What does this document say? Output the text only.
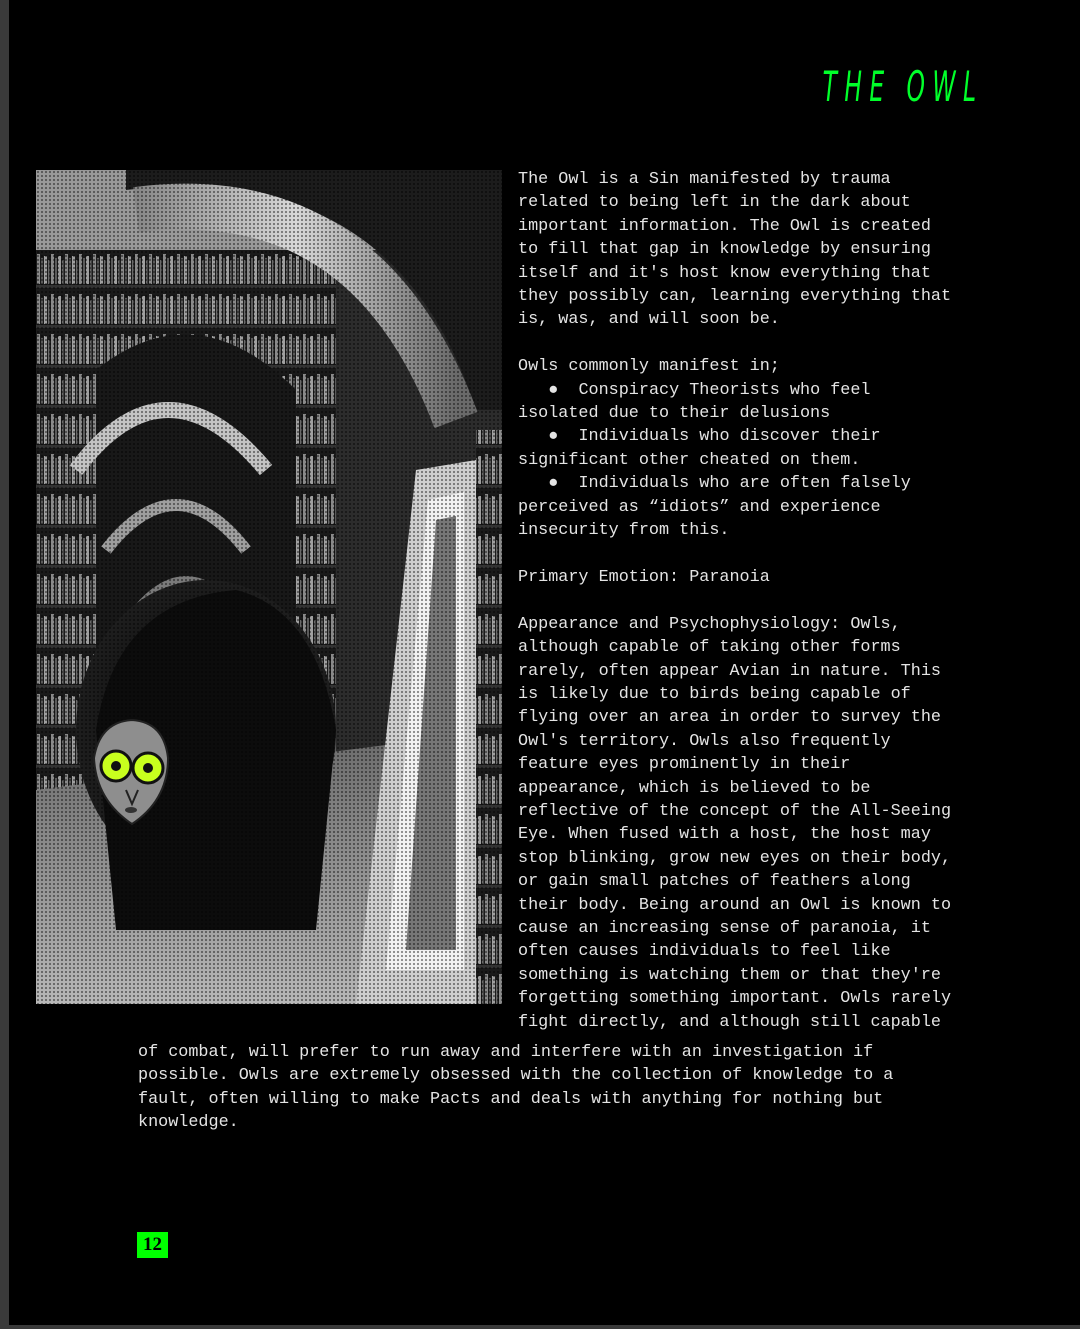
THE OWL
The Owl is a Sin manifested by trauma
related to being left in the dark about
important information. The Owl is created
to fill that gap in knowledge by ensuring
itself and it's host know everything that
they possibly can, learning everything that
is, was, and will soon be.

Owls commonly manifest in;
● Conspiracy Theorists who feel
isolated due to their delusions
● Individuals who discover their
significant other cheated on them.
● Individuals who are often falsely
perceived as “idiots” and experience
insecurity from this.

Primary Emotion: Paranoia

Appearance and Psychophysiology: Owls,
although capable of taking other forms
rarely, often appear Avian in nature. This
is likely due to birds being capable of
flying over an area in order to survey the
Owl's territory. Owls also frequently
feature eyes prominently in their
appearance, which is believed to be
reflective of the concept of the All-Seeing
Eye. When fused with a host, the host may
stop blinking, grow new eyes on their body,
or gain small patches of feathers along
their body. Being around an Owl is known to
cause an increasing sense of paranoia, it
often causes individuals to feel like
something is watching them or that they're
forgetting something important. Owls rarely
fight directly, and although still capable
of combat, will prefer to run away and interfere with an investigation if
possible. Owls are extremely obsessed with the collection of knowledge to a
fault, often willing to make Pacts and deals with anything for nothing but
knowledge.
12
